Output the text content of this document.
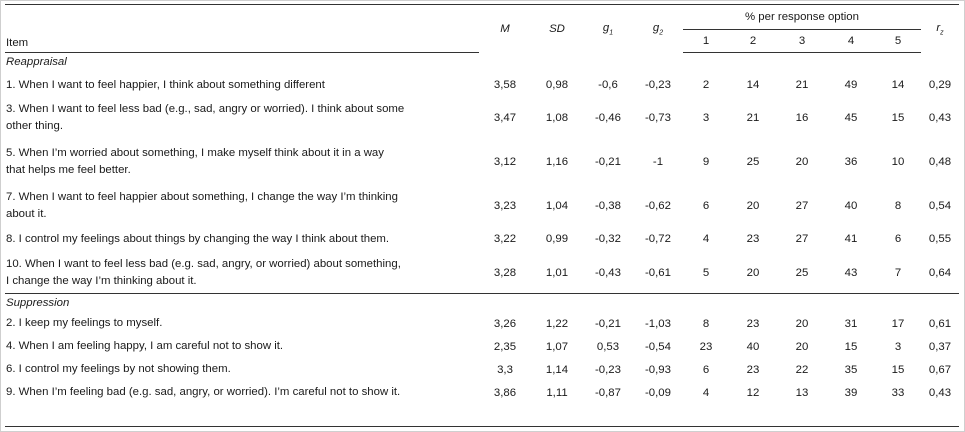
	M	SD	$g_1$	$g_2$	% per response option					$r_z$
Item					1	2	3	4	5	
Reappraisal										

1. When I want to feel happier, I think about something different	3,58	0,98	-0,6	-0,23	2	14	21	49	14	0,29

3. When I want to feel less bad (e.g., sad, angry or worried). I think about some
other thing.	3,47	1,08	-0,46	-0,73	3	21	16	45	15	0,43

5. When I’m worried about something, I make myself think about it in a way
that helps me feel better.	3,12	1,16	-0,21	-1	9	25	20	36	10	0,48

7. When I want to feel happier about something, I change the way I’m thinking
about it.	3,23	1,04	-0,38	-0,62	6	20	27	40	8	0,54

8. I control my feelings about things by changing the way I think about them.	3,22	0,99	-0,32	-0,72	4	23	27	41	6	0,55

10. When I want to feel less bad (e.g. sad, angry, or worried) about something,
I change the way I’m thinking about it.	3,28	1,01	-0,43	-0,61	5	20	25	43	7	0,64
Suppression										

2. I keep my feelings to myself.	3,26	1,22	-0,21	-1,03	8	23	20	31	17	0,61

4. When I am feeling happy, I am careful not to show it.	2,35	1,07	0,53	-0,54	23	40	20	15	3	0,37

6. I control my feelings by not showing them.	3,3	1,14	-0,23	-0,93	6	23	22	35	15	0,67

9. When I’m feeling bad (e.g. sad, angry, or worried). I’m careful not to show it.	3,86	1,11	-0,87	-0,09	4	12	13	39	33	0,43
